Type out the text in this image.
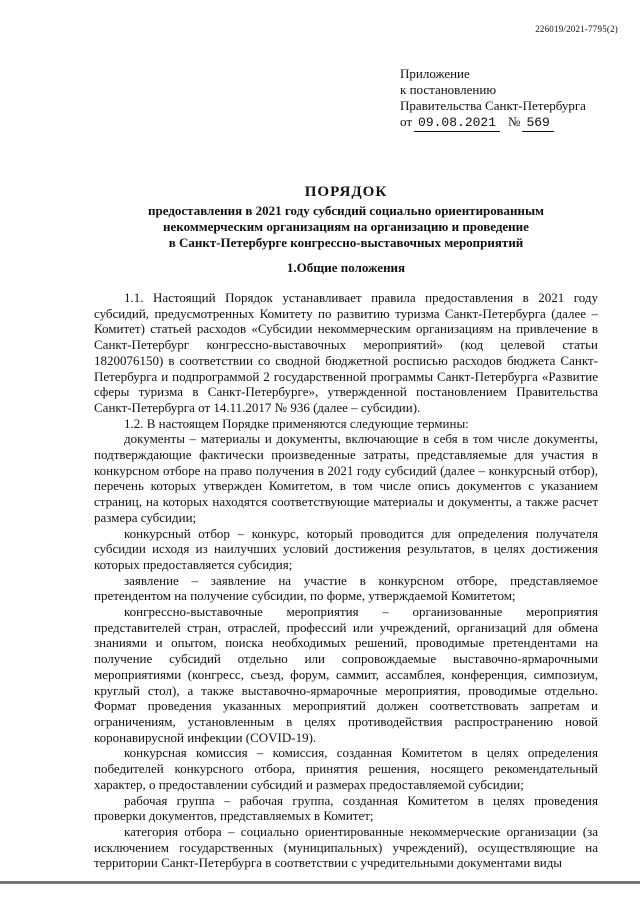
226019/2021-7795(2)
Приложение
к постановлению
Правительства Санкт-Петербурга
от 09.08.2021 № 569
ПОРЯДОК
предоставления в 2021 году субсидий социально ориентированным
некоммерческим организациям на организацию и проведение
в Санкт-Петербурге конгрессно-выставочных мероприятий
1.Общие положения

1.1. Настоящий Порядок устанавливает правила предоставления в 2021 году субсидий, предусмотренных Комитету по развитию туризма Санкт-Петербурга (далее – Комитет) статьей расходов «Субсидии некоммерческим организациям на привлечение в Санкт-Петербург конгрессно-выставочных мероприятий» (код целевой статьи 1820076150) в соответствии со сводной бюджетной росписью расходов бюджета Санкт-Петербурга и подпрограммой 2 государственной программы Санкт-Петербурга «Развитие сферы туризма в Санкт-Петербурге», утвержденной постановлением Правительства Санкт-Петербурга от 14.11.2017 № 936 (далее – субсидии).

1.2. В настоящем Порядке применяются следующие термины:

документы – материалы и документы, включающие в себя в том числе документы, подтверждающие фактически произведенные затраты, представляемые для участия в конкурсном отборе на право получения в 2021 году субсидий (далее – конкурсный отбор), перечень которых утвержден Комитетом, в том числе опись документов с указанием страниц, на которых находятся соответствующие материалы и документы, а также расчет размера субсидии;

конкурсный отбор – конкурс, который проводится для определения получателя субсидии исходя из наилучших условий достижения результатов, в целях достижения которых предоставляется субсидия;

заявление – заявление на участие в конкурсном отборе, представляемое претендентом на получение субсидии, по форме, утверждаемой Комитетом;

конгрессно-выставочные мероприятия – организованные мероприятия представителей стран, отраслей, профессий или учреждений, организаций для обмена знаниями и опытом, поиска необходимых решений, проводимые претендентами на получение субсидий отдельно или сопровождаемые выставочно-ярмарочными мероприятиями (конгресс, съезд, форум, саммит, ассамблея, конференция, симпозиум, круглый стол), а также выставочно-ярмарочные мероприятия, проводимые отдельно. Формат проведения указанных мероприятий должен соответствовать запретам и ограничениям, установленным в целях противодействия распространению новой коронавирусной инфекции (COVID-19).

конкурсная комиссия – комиссия, созданная Комитетом в целях определения победителей конкурсного отбора, принятия решения, носящего рекомендательный характер, о предоставлении субсидий и размерах предоставляемой субсидии;

рабочая группа – рабочая группа, созданная Комитетом в целях проведения проверки документов, представляемых в Комитет;

категория отбора – социально ориентированные некоммерческие организации (за исключением государственных (муниципальных) учреждений), осуществляющие на территории Санкт-Петербурга в соответствии с учредительными документами виды
